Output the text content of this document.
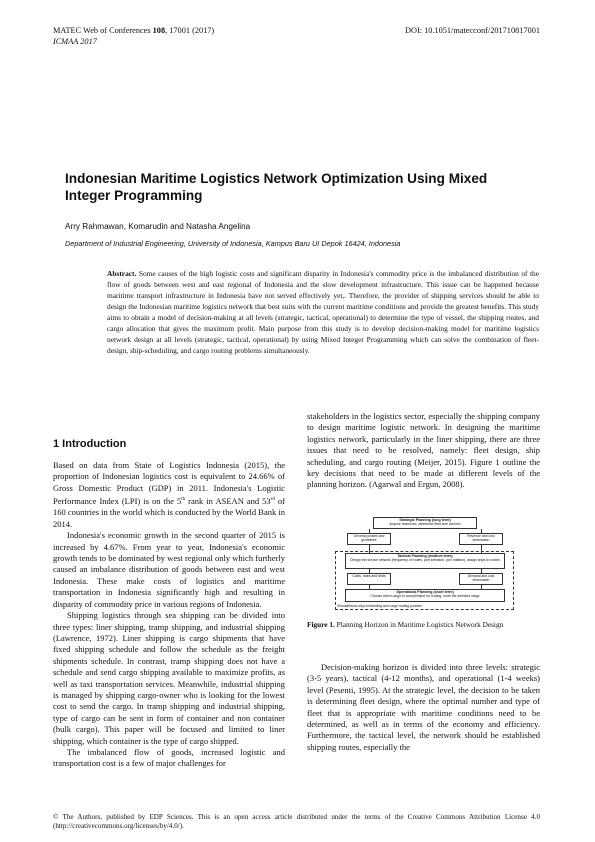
MATEC Web of Conferences 108, 17001 (2017)
ICMAA 2017
DOI: 10.1051/matecconf/201710817001
Indonesian Maritime Logistics Network Optimization Using Mixed Integer Programming
Arry Rahmawan, Komarudin and Natasha Angelina
Department of Industrial Engineering, University of Indonesia, Kampus Baru UI Depok 16424, Indonesia
Abstract. Some causes of the high logistic costs and significant disparity in Indonesia's commodity price is the imbalanced distribution of the flow of goods between west and east regional of Indonesia and the slow development infrastructure. This issue can be happened because maritime transport infrastructure in Indonesia have not served effectively yet,. Therefore, the provider of shipping services should be able to design the Indonesian maritime logistics network that best suits with the current maritime conditions and provide the greatest benefits. This study aims to obtain a model of decision-making at all levels (strategic, tactical, operational) to determine the type of vessel, the shipping routes, and cargo allocation that gives the maximum profit. Main purpose from this study is to develop decision-making model for maritime logistics network design at all levels (strategic, tactical, operational) by using Mixed Integer Programming which can solve the combination of fleet-design, ship-scheduling, and cargo routing problems simultaneously.
1 Introduction

Based on data from State of Logistics Indonesia (2015), the proportion of Indonesian logistics cost is equivalent to 24.66% of Gross Domestic Product (GDP) in 2011. Indonesia's Logistic Performance Index (LPI) is on the 5th rank in ASEAN and 53rd of 160 countries in the world which is conducted by the World Bank in 2014.

Indonesia's economic growth in the second quarter of 2015 is increased by 4.67%. From year to year, Indonesia's economic growth tends to be dominated by west regional only which furtherly caused an imbalance distribution of goods between east and west Indonesia. These make costs of logistics and maritime transportation in Indonesia significantly high and resulting in disparity of commodity price in various regions of Indonesia.

Shipping logistics through sea shipping can be divided into three types: liner shipping, tramp shipping, and industrial shipping (Lawrence, 1972). Liner shipping is cargo shipments that have fixed shipping schedule and follow the schedule as the freight shipments schedule. In contrast, tramp shipping does not have a schedule and send cargo shipping available to maximize profits, as well as taxi transportation services. Meanwhile, industrial shipping is managed by shipping cargo-owner who is looking for the lowest cost to send the cargo. In tramp shipping and industrial shipping, type of cargo can be sent in form of container and non container (bulk cargo). This paper will be focused and limited to liner shipping, which container is the type of cargo shipped.

The imbalanced flow of goods, increased logistic and transportation cost is a few of major challenges for

stakeholders in the logistics sector, especially the shipping company to design maritime logistic network. In designing the maritime logistics network, particularly in the liner shipping, there are three issues that need to be resolved, namely: fleet design, ship scheduling, and cargo routing (Meijer, 2015). Figure 1 outline the key decisions that need to be made at different levels of the planning horizon. (Agarwal and Ergun, 2008).

Strategic Planning (long term)
Acquire resources, determine fleet size and mix
General policies and guidelines
Revenue and cost information
Tactical Planning (medium term)
Design the service network (frequency of routes, port selection, port rotation), assign ships to routes
Costs, rates and limits	Demand and cost information
Operational Planning (short term)
Choose which cargo to accept/reject for routing, route the selected cargo
Simultaneous ship scheduling and cargo routing problem
Figure 1. Planning Horizon in Maritime Logistics Network Design

Decision-making horizon is divided into three levels: strategic (3-5 years), tactical (4-12 months), and operational (1-4 weeks) level (Pesenti, 1995). At the strategic level, the decision to be taken is determining fleet design, where the optimal number and type of fleet that is appropriate with maritime conditions need to be determined, as well as in terms of the economy and efficiency. Furthermore, the tactical level, the network should be established shipping routes, especially the

© The Authors, published by EDP Sciences. This is an open access article distributed under the terms of the Creative Commons Attribution License 4.0 (http://creativecommons.org/licenses/by/4.0/).
